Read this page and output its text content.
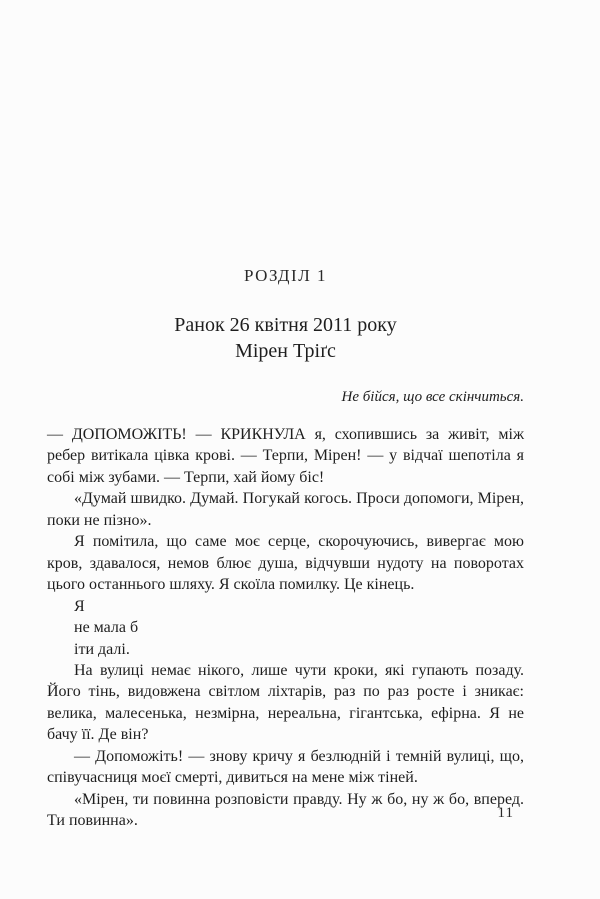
РОЗДІЛ 1
Ранок 26 квітня 2011 року
Мірен Тріґс
Не бійся, що все скінчиться.

— ДОПОМОЖІТЬ! — КРИКНУЛА я, схопившись за живіт, між ребер витікала цівка крові. — Терпи, Мірен! — у відчаї шепотіла я собі між зубами. — Терпи, хай йому біс!

«Думай швидко. Думай. Погукай когось. Проси допомоги, Мірен, поки не пізно».

Я помітила, що саме моє серце, скорочуючись, вивергає мою кров, здавалося, немов блює душа, відчувши нудоту на поворотах цього останнього шляху. Я скоїла помилку. Це кінець.

Я

не мала б

іти далі.

На вулиці немає нікого, лише чути кроки, які гупають позаду. Його тінь, видовжена світлом ліхтарів, раз по раз росте і зникає: велика, малесенька, незмірна, нереальна, гігантська, ефірна. Я не бачу її. Де він?

— Допоможіть! — знову кричу я безлюдній і темній вулиці, що, співучасниця моєї смерті, дивиться на мене між тіней.

«Мірен, ти повинна розповісти правду. Ну ж бо, ну ж бо, вперед. Ти повинна».	11
